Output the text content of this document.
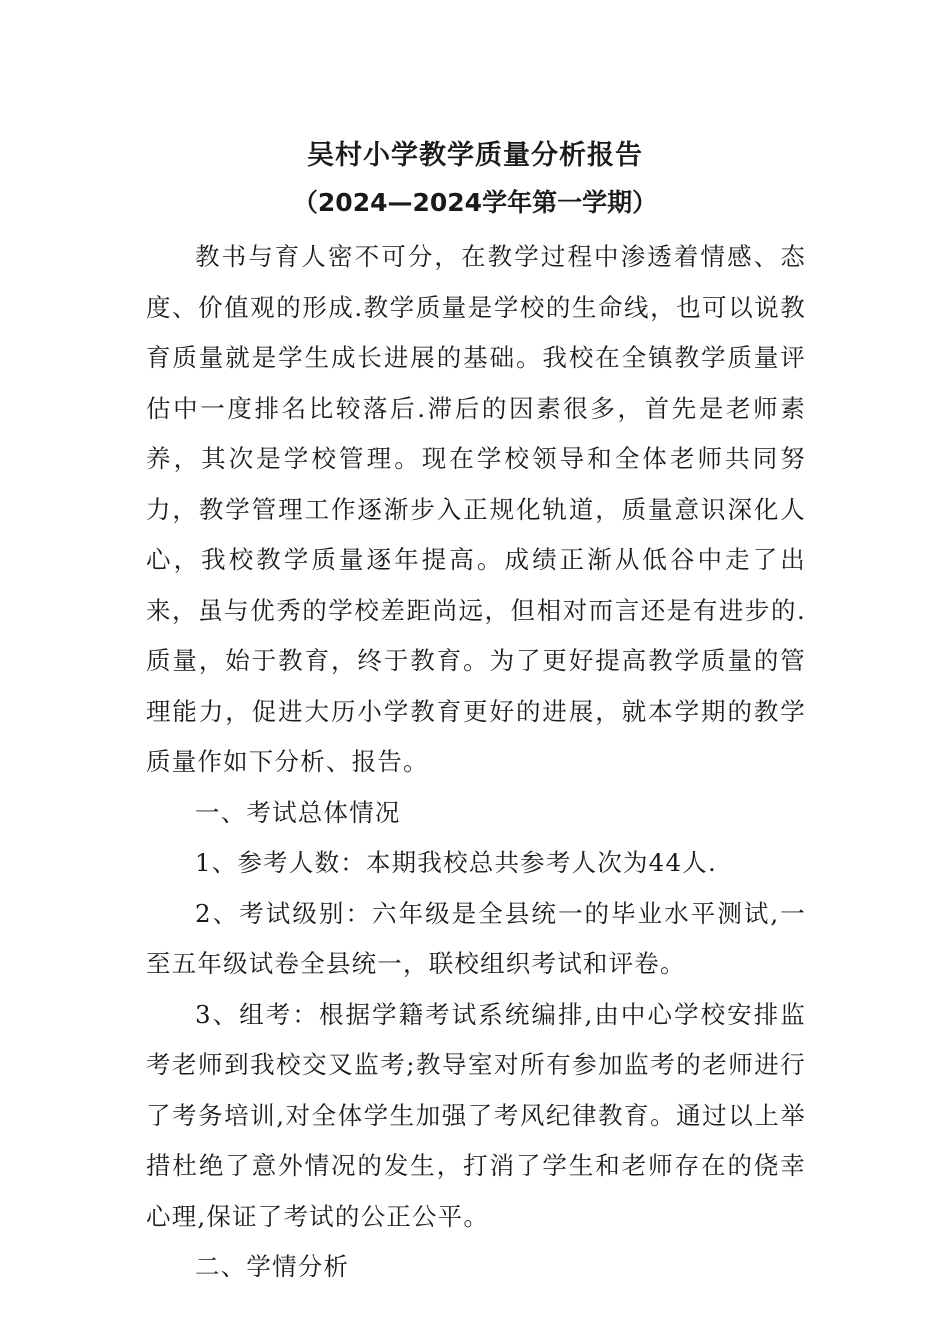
吴村小学教学质量分析报告
（2024—2024学年第一学期）

教书与育人密不可分，在教学过程中渗透着情感、态度、价值观的形成.教学质量是学校的生命线，也可以说教育质量就是学生成长进展的基础。我校在全镇教学质量评估中一度排名比较落后.滞后的因素很多，首先是老师素养，其次是学校管理。现在学校领导和全体老师共同努力，教学管理工作逐渐步入正规化轨道，质量意识深化人心，我校教学质量逐年提高。成绩正渐从低谷中走了出来，虽与优秀的学校差距尚远，但相对而言还是有进步的.质量，始于教育，终于教育。为了更好提高教学质量的管理能力，促进大历小学教育更好的进展，就本学期的教学质量作如下分析、报告。

一、考试总体情况

1、参考人数：本期我校总共参考人次为44人.

2、考试级别：六年级是全县统一的毕业水平测试,一至五年级试卷全县统一，联校组织考试和评卷。

3、组考：根据学籍考试系统编排,由中心学校安排监考老师到我校交叉监考;教导室对所有参加监考的老师进行了考务培训,对全体学生加强了考风纪律教育。通过以上举措杜绝了意外情况的发生，打消了学生和老师存在的侥幸心理,保证了考试的公正公平。

二、学情分析
